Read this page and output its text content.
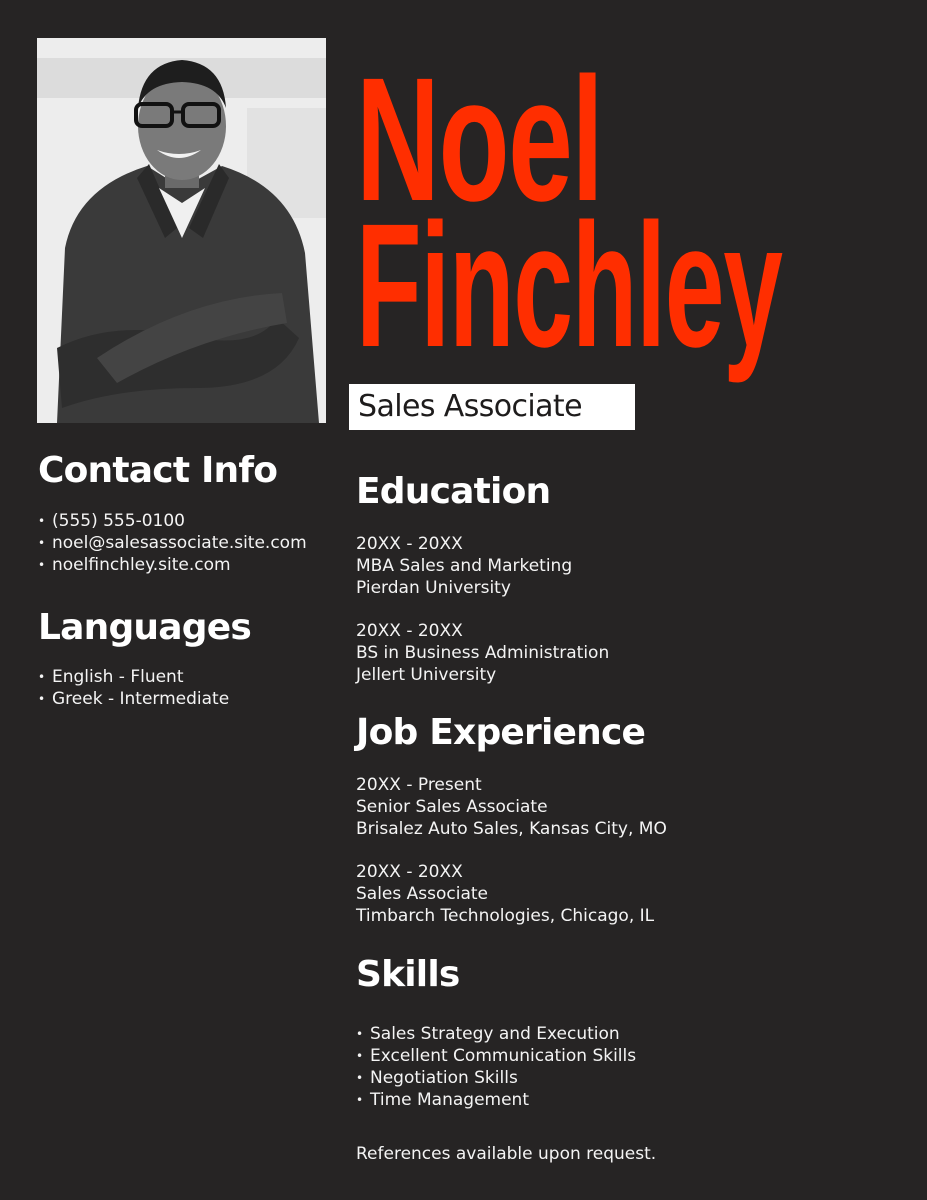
Noel
Finchley
Sales Associate
Contact Info
• (555) 555-0100
• noel@salesassociate.site.com
• noelfinchley.site.com
Languages
• English - Fluent
• Greek - Intermediate
Education
20XX - 20XX
MBA Sales and Marketing
Pierdan University
20XX - 20XX
BS in Business Administration
Jellert University
Job Experience
20XX - Present
Senior Sales Associate
Brisalez Auto Sales, Kansas City, MO
20XX - 20XX
Sales Associate
Timbarch Technologies, Chicago, IL
Skills
• Sales Strategy and Execution
• Excellent Communication Skills
• Negotiation Skills
• Time Management
References available upon request.
